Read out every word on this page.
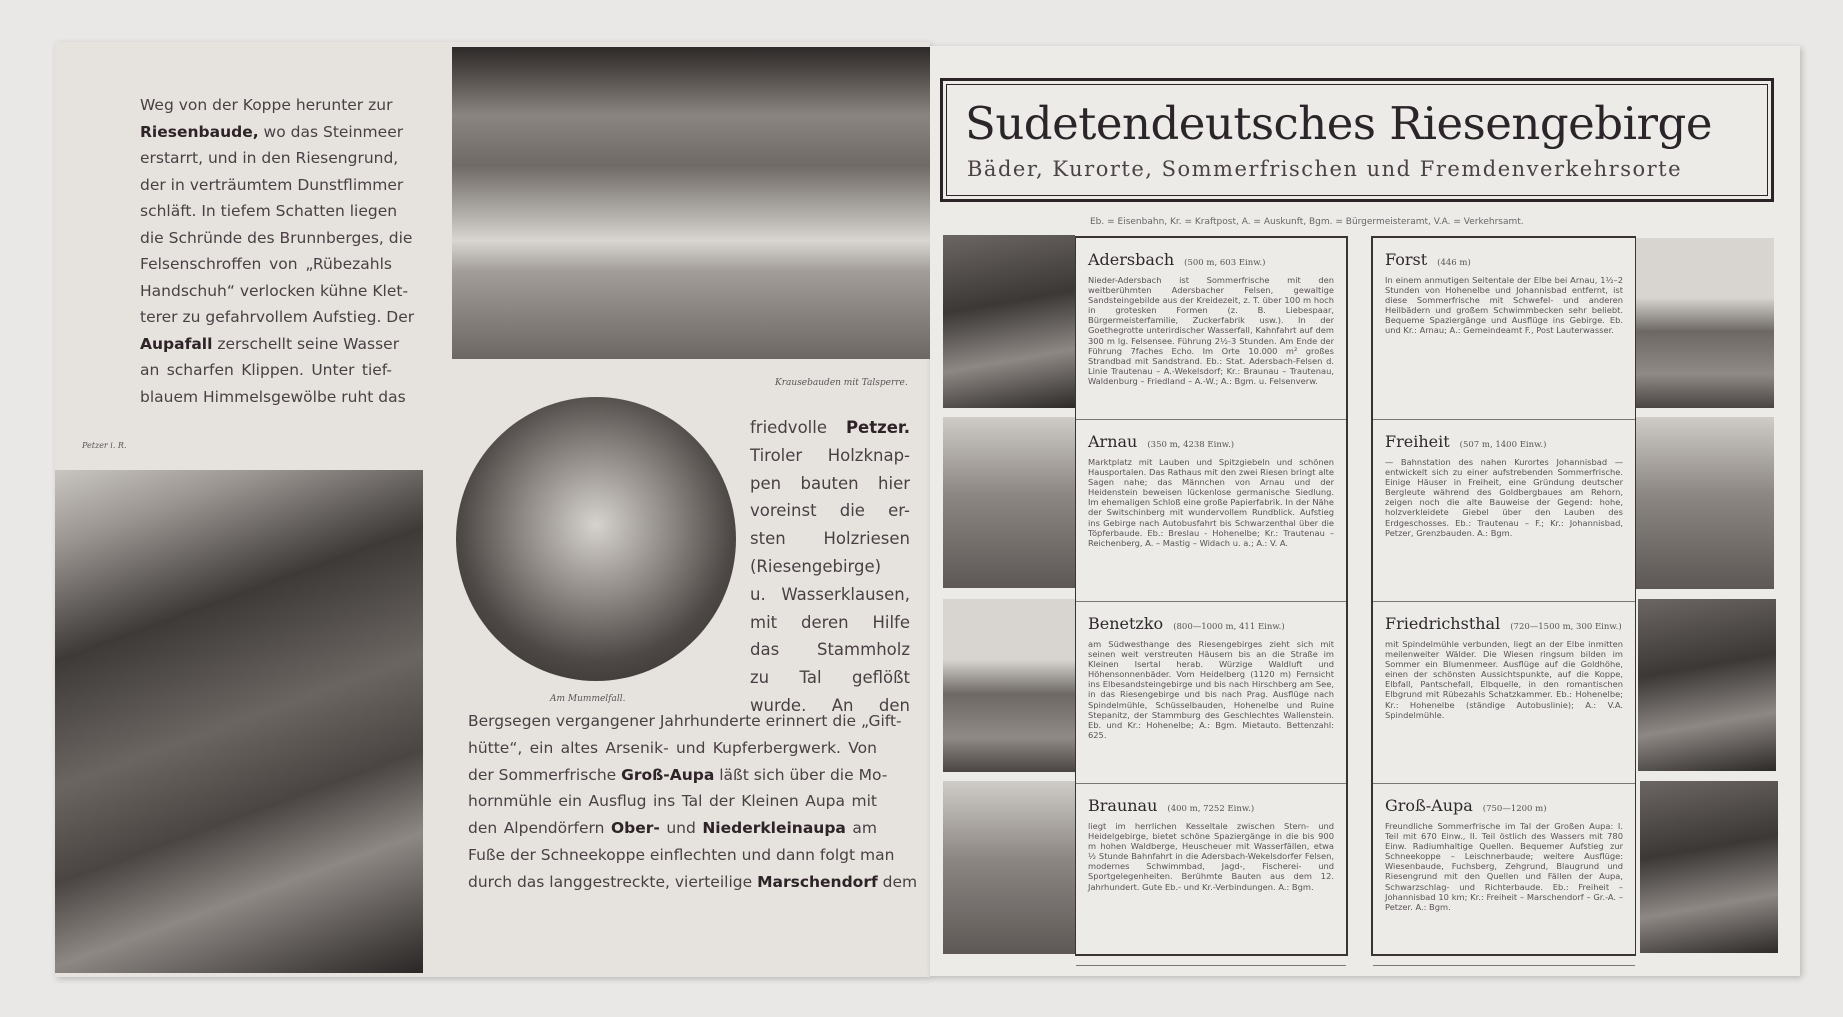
Weg von der Koppe herunter zur

Riesenbaude, wo das Steinmeer

erstarrt, und in den Riesengrund,

der in verträumtem Dunstflimmer

schläft. In tiefem Schatten liegen

die Schründe des Brunnberges, die

Felsenschroffen von „Rübezahls

Handschuh“ verlocken kühne Klet-

terer zu gefahrvollem Aufstieg. Der

Aupafall zerschellt seine Wasser

an scharfen Klippen. Unter tief-

blauem Himmelsgewölbe ruht das

Krausebauden mit Talsperre.
Petzer i. R.
Am Mummelfall.

friedvolle Petzer.

Tiroler Holzknap-

pen bauten hier

voreinst die er-

sten Holzriesen

(Riesengebirge)

u. Wasserklausen,

mit deren Hilfe

das Stammholz

zu Tal geflößt

wurde. An den

Bergsegen vergangener Jahrhunderte erinnert die „Gift-

hütte“, ein altes Arsenik- und Kupferbergwerk. Von

der Sommerfrische Groß-Aupa läßt sich über die Mo-

hornmühle ein Ausflug ins Tal der Kleinen Aupa mit

den Alpendörfern Ober- und Niederkleinaupa am

Fuße der Schneekoppe einflechten und dann folgt man

durch das langgestreckte, vierteilige Marschendorf dem

Sudetendeutsches Riesengebirge
Bäder, Kurorte, Sommerfrischen und Fremdenverkehrsorte
Eb. = Eisenbahn, Kr. = Kraftpost, A. = Auskunft, Bgm. = Bürgermeisteramt, V.A. = Verkehrsamt.
Adersbach (500 m, 603 Einw.)

Nieder-Adersbach ist Sommerfrische mit den weitberühmten Adersbacher Felsen, gewaltige Sandsteingebilde aus der Kreidezeit, z. T. über 100 m hoch in grotesken Formen (z. B. Liebespaar, Bürgermeisterfamilie, Zuckerfabrik usw.). In der Goethegrotte unterirdischer Wasserfall, Kahnfahrt auf dem 300 m lg. Felsensee. Führung 2½-3 Stunden. Am Ende der Führung 7faches Echo. Im Orte 10.000 m² großes Strandbad mit Sandstrand. Eb.: Stat. Adersbach-Felsen d. Linie Trautenau – A.-Wekelsdorf; Kr.: Braunau – Trautenau, Waldenburg – Friedland – A.-W.; A.: Bgm. u. Felsenverw.

Arnau (350 m, 4238 Einw.)

Marktplatz mit Lauben und Spitzgiebeln und schönen Hausportalen. Das Rathaus mit den zwei Riesen bringt alte Sagen nahe; das Männchen von Arnau und der Heidenstein beweisen lückenlose germanische Siedlung. Im ehemaligen Schloß eine große Papierfabrik. In der Nähe der Switschinberg mit wundervollem Rundblick. Aufstieg ins Gebirge nach Autobusfahrt bis Schwarzenthal über die Töpferbaude. Eb.: Breslau - Hohenelbe; Kr.: Trautenau – Reichenberg, A. – Mastig – Widach u. a.; A.: V. A.

Benetzko (800—1000 m, 411 Einw.)

am Südwesthange des Riesengebirges zieht sich mit seinen weit verstreuten Häusern bis an die Straße im Kleinen Isertal herab. Würzige Waldluft und Höhensonnenbäder. Vom Heidelberg (1120 m) Fernsicht ins Elbesandsteingebirge und bis nach Hirschberg am See, in das Riesengebirge und bis nach Prag. Ausflüge nach Spindelmühle, Schüsselbauden, Hohenelbe und Ruine Stepanitz, der Stammburg des Geschlechtes Wallenstein. Eb. und Kr.: Hohenelbe; A.: Bgm. Mietauto. Bettenzahl: 625.

Braunau (400 m, 7252 Einw.)

liegt im herrlichen Kesseltale zwischen Stern- und Heidelgebirge, bietet schöne Spaziergänge in die bis 900 m hohen Waldberge, Heuscheuer mit Wasserfällen, etwa ½ Stunde Bahnfahrt in die Adersbach-Wekelsdorfer Felsen, modernes Schwimmbad, Jagd-, Fischerei- und Sportgelegenheiten. Berühmte Bauten aus dem 12. Jahrhundert. Gute Eb.- und Kr.-Verbindungen. A.: Bgm.

Forst (446 m)

In einem anmutigen Seitentale der Elbe bei Arnau, 1½–2 Stunden von Hohenelbe und Johannisbad entfernt, ist diese Sommerfrische mit Schwefel- und anderen Heilbädern und großem Schwimmbecken sehr beliebt. Bequeme Spaziergänge und Ausflüge ins Gebirge. Eb. und Kr.: Arnau; A.: Gemeindeamt F., Post Lauterwasser.

Freiheit (507 m, 1400 Einw.)

— Bahnstation des nahen Kurortes Johannisbad — entwickelt sich zu einer aufstrebenden Sommerfrische. Einige Häuser in Freiheit, eine Gründung deutscher Bergleute während des Goldbergbaues am Rehorn, zeigen noch die alte Bauweise der Gegend: hohe, holzverkleidete Giebel über den Lauben des Erdgeschosses. Eb.: Trautenau – F.; Kr.: Johannisbad, Petzer, Grenzbauden. A.: Bgm.

Friedrichsthal (720—1500 m, 300 Einw.)

mit Spindelmühle verbunden, liegt an der Elbe inmitten meilenweiter Wälder. Die Wiesen ringsum bilden im Sommer ein Blumenmeer. Ausflüge auf die Goldhöhe, einen der schönsten Aussichtspunkte, auf die Koppe, Elbfall, Pantschefall, Elbquelle, in den romantischen Elbgrund mit Rübezahls Schatzkammer. Eb.: Hohenelbe; Kr.: Hohenelbe (ständige Autobuslinie); A.: V.A. Spindelmühle.

Groß-Aupa (750—1200 m)

Freundliche Sommerfrische im Tal der Großen Aupa: I. Teil mit 670 Einw., II. Teil östlich des Wassers mit 780 Einw. Radiumhaltige Quellen. Bequemer Aufstieg zur Schneekoppe – Leischnerbaude; weitere Ausflüge: Wiesenbaude, Fuchsberg, Zehgrund, Blaugrund und Riesengrund mit den Quellen und Fällen der Aupa, Schwarzschlag- und Richterbaude. Eb.: Freiheit – Johannisbad 10 km; Kr.: Freiheit – Marschendorf – Gr.-A. – Petzer. A.: Bgm.
